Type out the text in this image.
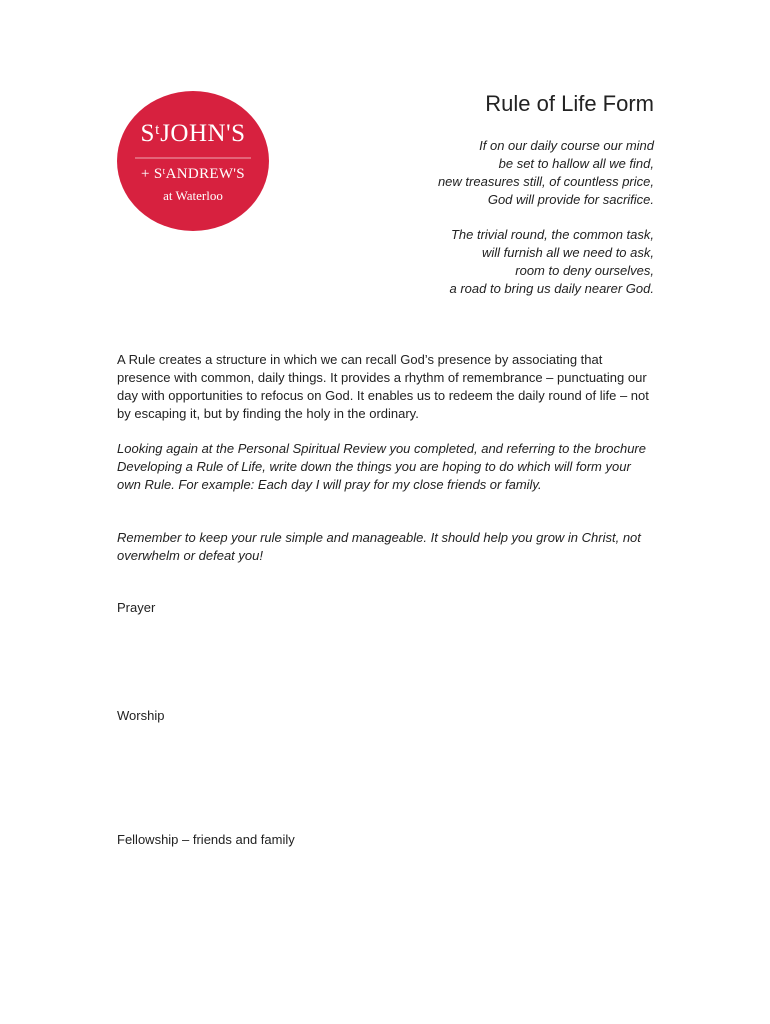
SᵗJOHN'S
+ SᵗANDREW'S
at Waterloo
Rule of Life Form
If on our daily course our mind
be set to hallow all we find,
new treasures still, of countless price,
God will provide for sacrifice.
The trivial round, the common task,
will furnish all we need to ask,
room to deny ourselves,
a road to bring us daily nearer God.
A Rule creates a structure in which we can recall God’s presence by associating that presence with common, daily things. It provides a rhythm of remembrance – punctuating our day with opportunities to refocus on God. It enables us to redeem the daily round of life – not by escaping it, but by finding the holy in the ordinary.
Looking again at the Personal Spiritual Review you completed, and referring to the brochure Developing a Rule of Life, write down the things you are hoping to do which will form your own Rule. For example: Each day I will pray for my close friends or family.
Remember to keep your rule simple and manageable. It should help you grow in Christ, not overwhelm or defeat you!
Prayer
Worship
Fellowship – friends and family
